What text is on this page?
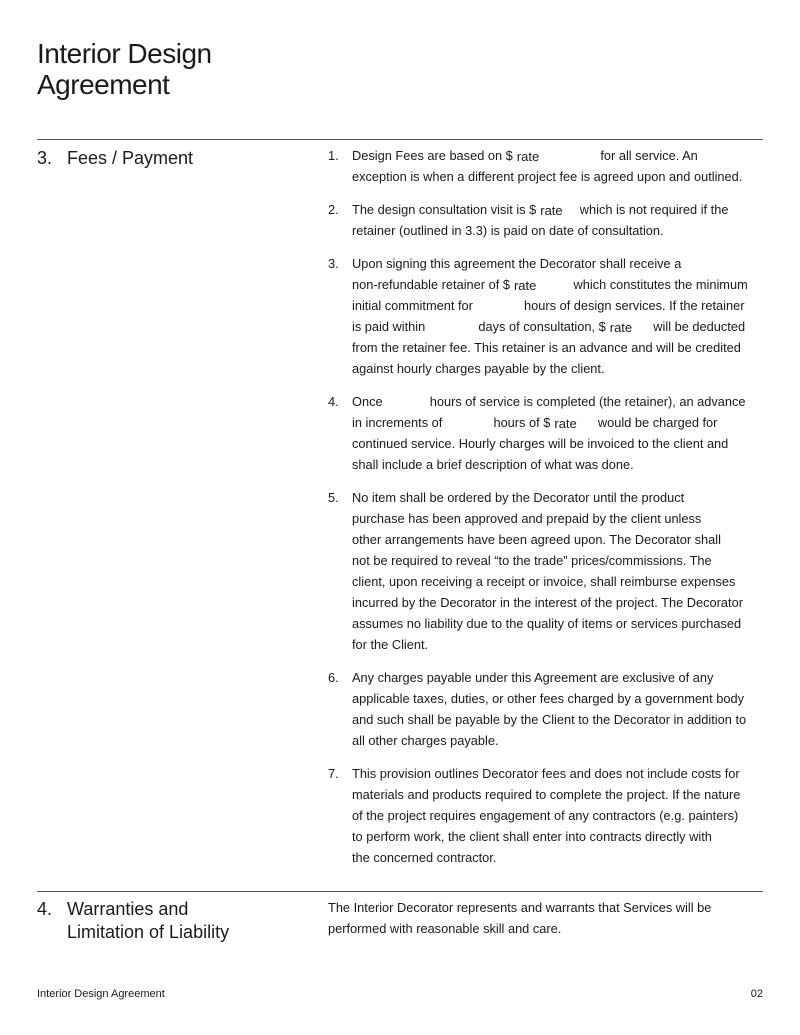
Interior Design
Agreement
3. Fees / Payment	1. Design Fees are based on $ rate	for all service. An
exception is when a different project fee is agreed upon and outlined.
2. The design consultation visit is $ rate which is not required if the
retainer (outlined in 3.3) is paid on date of consultation.
3. Upon signing this agreement the Decorator shall receive a
non-refundable retainer of $ rate	which constitutes the minimum
initial commitment for	hours of design services. If the retainer
is paid within	days of consultation, $ rate will be deducted
from the retainer fee. This retainer is an advance and will be credited
against hourly charges payable by the client.
4. Once	hours of service is completed (the retainer), an advance
in increments of	hours of $ rate would be charged for
continued service. Hourly charges will be invoiced to the client and
shall include a brief description of what was done.
5. No item shall be ordered by the Decorator until the product
purchase has been approved and prepaid by the client unless
other arrangements have been agreed upon. The Decorator shall
not be required to reveal “to the trade” prices/commissions. The
client, upon receiving a receipt or invoice, shall reimburse expenses
incurred by the Decorator in the interest of the project. The Decorator
assumes no liability due to the quality of items or services purchased
for the Client.
6. Any charges payable under this Agreement are exclusive of any
applicable taxes, duties, or other fees charged by a government body
and such shall be payable by the Client to the Decorator in addition to
all other charges payable.
7. This provision outlines Decorator fees and does not include costs for
materials and products required to complete the project. If the nature
of the project requires engagement of any contractors (e.g. painters)
to perform work, the client shall enter into contracts directly with
the concerned contractor.
4. Warranties and
Limitation of Liability
The Interior Decorator represents and warrants that Services will be
performed with reasonable skill and care.
Interior Design Agreement	02
